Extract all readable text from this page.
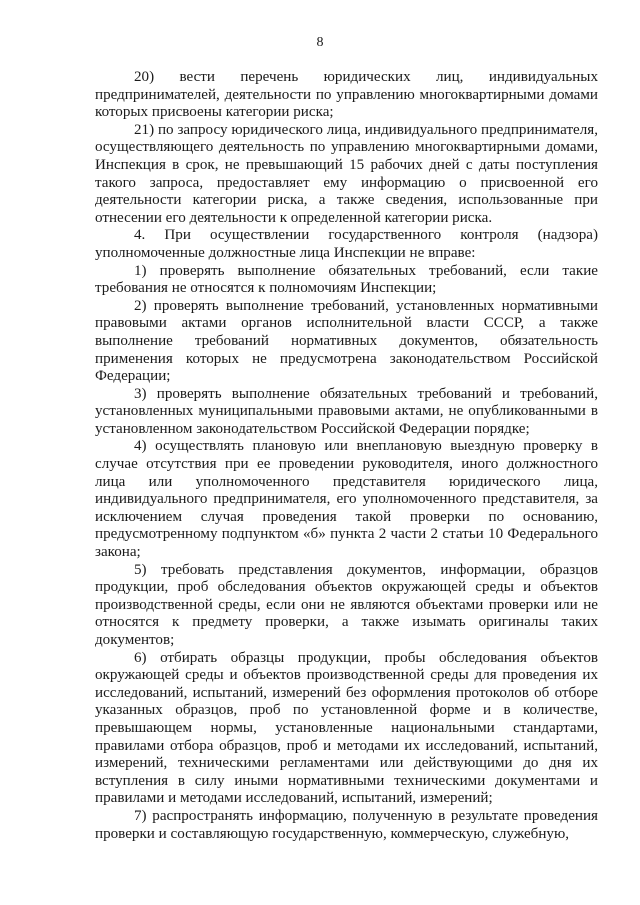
8

20) вести перечень юридических лиц, индивидуальных предпринимателей, деятельности по управлению многоквартирными домами которых присвоены категории риска;

21) по запросу юридического лица, индивидуального предпринимателя, осуществляющего деятельность по управлению многоквартирными домами, Инспекция в срок, не превышающий 15 рабочих дней с даты поступления такого запроса, предоставляет ему информацию о присвоенной его деятельности категории риска, а также сведения, использованные при отнесении его деятельности к определенной категории риска.

4. При осуществлении государственного контроля (надзора) уполномоченные должностные лица Инспекции не вправе:

1) проверять выполнение обязательных требований, если такие требования не относятся к полномочиям Инспекции;

2) проверять выполнение требований, установленных нормативными правовыми актами органов исполнительной власти СССР, а также выполнение требований нормативных документов, обязательность применения которых не предусмотрена законодательством Российской Федерации;

3) проверять выполнение обязательных требований и требований, установленных муниципальными правовыми актами, не опубликованными в установленном законодательством Российской Федерации порядке;

4) осуществлять плановую или внеплановую выездную проверку в случае отсутствия при ее проведении руководителя, иного должностного лица или уполномоченного представителя юридического лица, индивидуального предпринимателя, его уполномоченного представителя, за исключением случая проведения такой проверки по основанию, предусмотренному подпунктом «б» пункта 2 части 2 статьи 10 Федерального закона;

5) требовать представления документов, информации, образцов продукции, проб обследования объектов окружающей среды и объектов производственной среды, если они не являются объектами проверки или не относятся к предмету проверки, а также изымать оригиналы таких документов;

6) отбирать образцы продукции, пробы обследования объектов окружающей среды и объектов производственной среды для проведения их исследований, испытаний, измерений без оформления протоколов об отборе указанных образцов, проб по установленной форме и в количестве, превышающем нормы, установленные национальными стандартами, правилами отбора образцов, проб и методами их исследований, испытаний, измерений, техническими регламентами или действующими до дня их вступления в силу иными нормативными техническими документами и правилами и методами исследований, испытаний, измерений;

7) распространять информацию, полученную в результате проведения проверки и составляющую государственную, коммерческую, служебную,
